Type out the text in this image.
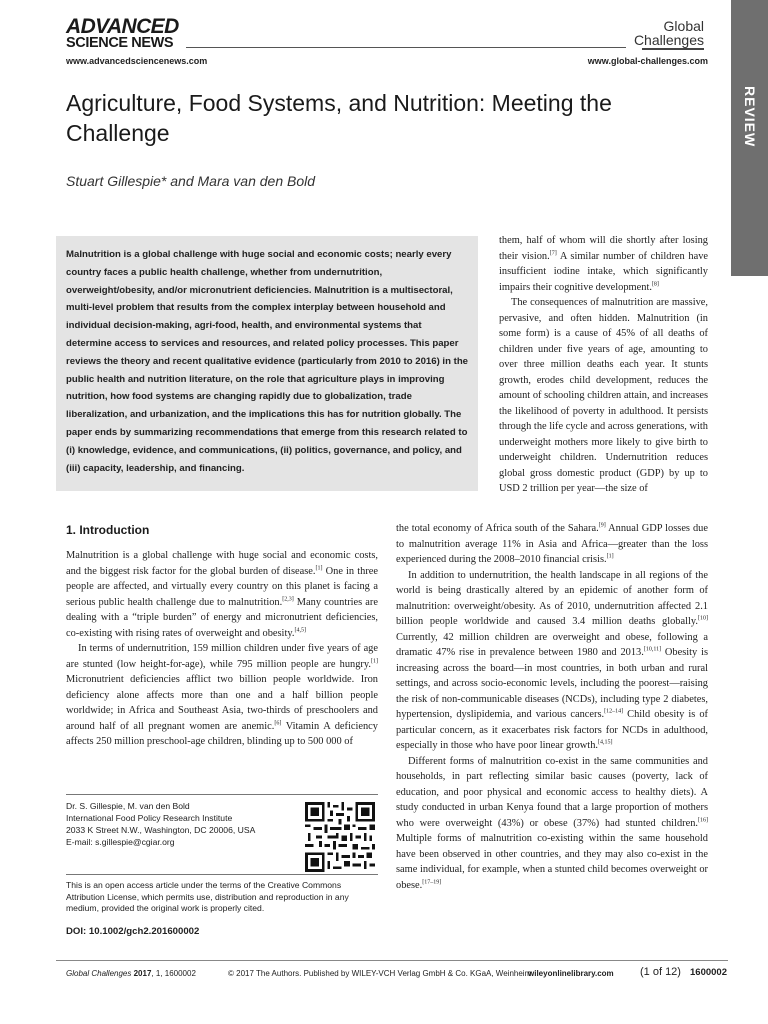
ADVANCED
SCIENCE NEWS
Global
Challenges
www.advancedsciencenews.com	www.global-challenges.com
REVIEW
Agriculture, Food Systems, and Nutrition: Meeting the Challenge
Stuart Gillespie* and Mara van den Bold
Malnutrition is a global challenge with huge social and economic costs; nearly every country faces a public health challenge, whether from undernutrition, overweight/obesity, and/or micronutrient deficiencies. Malnutrition is a multisectoral, multi-level problem that results from the complex interplay between household and individual decision-making, agri-food, health, and environmental systems that determine access to services and resources, and related policy processes. This paper reviews the theory and recent qualitative evidence (particularly from 2010 to 2016) in the public health and nutrition literature, on the role that agriculture plays in improving nutrition, how food systems are changing rapidly due to globalization, trade liberalization, and urbanization, and the implications this has for nutrition globally. The paper ends by summarizing recommendations that emerge from this research related to (i) knowledge, evidence, and communications, (ii) politics, governance, and policy, and (iii) capacity, leadership, and financing.

them, half of whom will die shortly after losing their vision.[7] A similar number of children have insufficient iodine intake, which significantly impairs their cognitive development.[8]

The consequences of malnutrition are massive, pervasive, and often hidden. Malnutrition (in some form) is a cause of 45% of all deaths of children under five years of age, amounting to over three million deaths each year. It stunts growth, erodes child development, reduces the amount of schooling children attain, and increases the likelihood of poverty in adulthood. It persists through the life cycle and across generations, with underweight mothers more likely to give birth to underweight children. Undernutrition reduces global gross domestic product (GDP) by up to USD 2 trillion per year—the size of

1. Introduction

Malnutrition is a global challenge with huge social and economic costs, and the biggest risk factor for the global burden of disease.[1] One in three people are affected, and virtually every country on this planet is facing a serious public health challenge due to malnutrition.[2,3] Many countries are dealing with a “triple burden” of energy and micronutrient deficiencies, co-existing with rising rates of overweight and obesity.[4,5]

In terms of undernutrition, 159 million children under five years of age are stunted (low height-for-age), while 795 million people are hungry.[1] Micronutrient deficiencies afflict two billion people worldwide. Iron deficiency alone affects more than one and a half billion people worldwide; in Africa and Southeast Asia, two-thirds of preschoolers and around half of all pregnant women are anemic.[6] Vitamin A deficiency affects 250 million preschool-age children, blinding up to 500 000 of

the total economy of Africa south of the Sahara.[9] Annual GDP losses due to malnutrition average 11% in Asia and Africa—greater than the loss experienced during the 2008–2010 financial crisis.[1]

In addition to undernutrition, the health landscape in all regions of the world is being drastically altered by an epidemic of another form of malnutrition: overweight/obesity. As of 2010, undernutrition affected 2.1 billion people worldwide and caused 3.4 million deaths globally.[10] Currently, 42 million children are overweight and obese, following a dramatic 47% rise in prevalence between 1980 and 2013.[10,11] Obesity is increasing across the board—in most countries, in both urban and rural settings, and across socio-economic levels, including the poorest—raising the risk of non-communicable diseases (NCDs), including type 2 diabetes, hypertension, dyslipidemia, and various cancers.[12–14] Child obesity is of particular concern, as it exacerbates risk factors for NCDs in adulthood, especially in those who have poor linear growth.[4,15]

Different forms of malnutrition co-exist in the same communities and households, in part reflecting similar basic causes (poverty, lack of education, and poor physical and economic access to healthy diets). A study conducted in urban Kenya found that a large proportion of mothers who were overweight (43%) or obese (37%) had stunted children.[16] Multiple forms of malnutrition co-existing within the same household have been observed in other countries, and they may also co-exist in the same individual, for example, when a stunted child becomes overweight or obese.[17–19]

Dr. S. Gillespie, M. van den Bold
International Food Policy Research Institute
2033 K Street N.W., Washington, DC 20006, USA
E-mail: s.gillespie@cgiar.org
This is an open access article under the terms of the Creative Commons Attribution License, which permits use, distribution and reproduction in any medium, provided the original work is properly cited.
DOI: 10.1002/gch2.201600002
Global Challenges 2017, 1, 1600002	© 2017 The Authors. Published by WILEY-VCH Verlag GmbH & Co. KGaA, Weinheim
wileyonlinelibrary.com (1 of 12) 1600002
